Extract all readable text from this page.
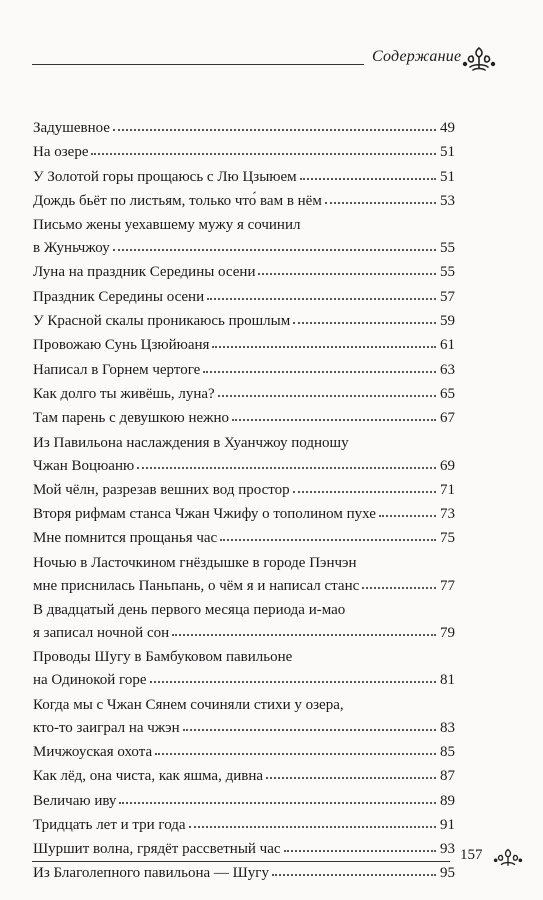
Содержание
Задушевное	49
На озере	51
У Золотой горы прощаюсь с Лю Цзыюем	51
Дождь бьёт по листьям, только что́ вам в нём	53
Письмо жены уехавшему мужу я сочинил
в Жуньчжоу	55
Луна на праздник Середины осени	55
Праздник Середины осени	57
У Красной скалы проникаюсь прошлым	59
Провожаю Сунь Цзюйюаня	61
Написал в Горнем чертоге	63
Как долго ты живёшь, луна?	65
Там парень с девушкою нежно	67
Из Павильона наслаждения в Хуанчжоу подношу
Чжан Воцюаню	69
Мой чёлн, разрезав вешних вод простор	71
Вторя рифмам станса Чжан Чжифу о тополином пухе	73
Мне помнится прощанья час	75
Ночью в Ласточкином гнёздышке в городе Пэнчэн
мне приснилась Паньпань, о чём я и написал станс	77
В двадцатый день первого месяца периода и-мао
я записал ночной сон	79
Проводы Шугу в Бамбуковом павильоне
на Одинокой горе	81
Когда мы с Чжан Сянем сочиняли стихи у озера,
кто-то заиграл на чжэн	83
Мичжоуская охота	85
Как лёд, она чиста, как яшма, дивна	87
Величаю иву	89
Тридцать лет и три года	91
Шуршит волна, грядёт рассветный час	93
Из Благолепного павильона — Шугу	95
157
